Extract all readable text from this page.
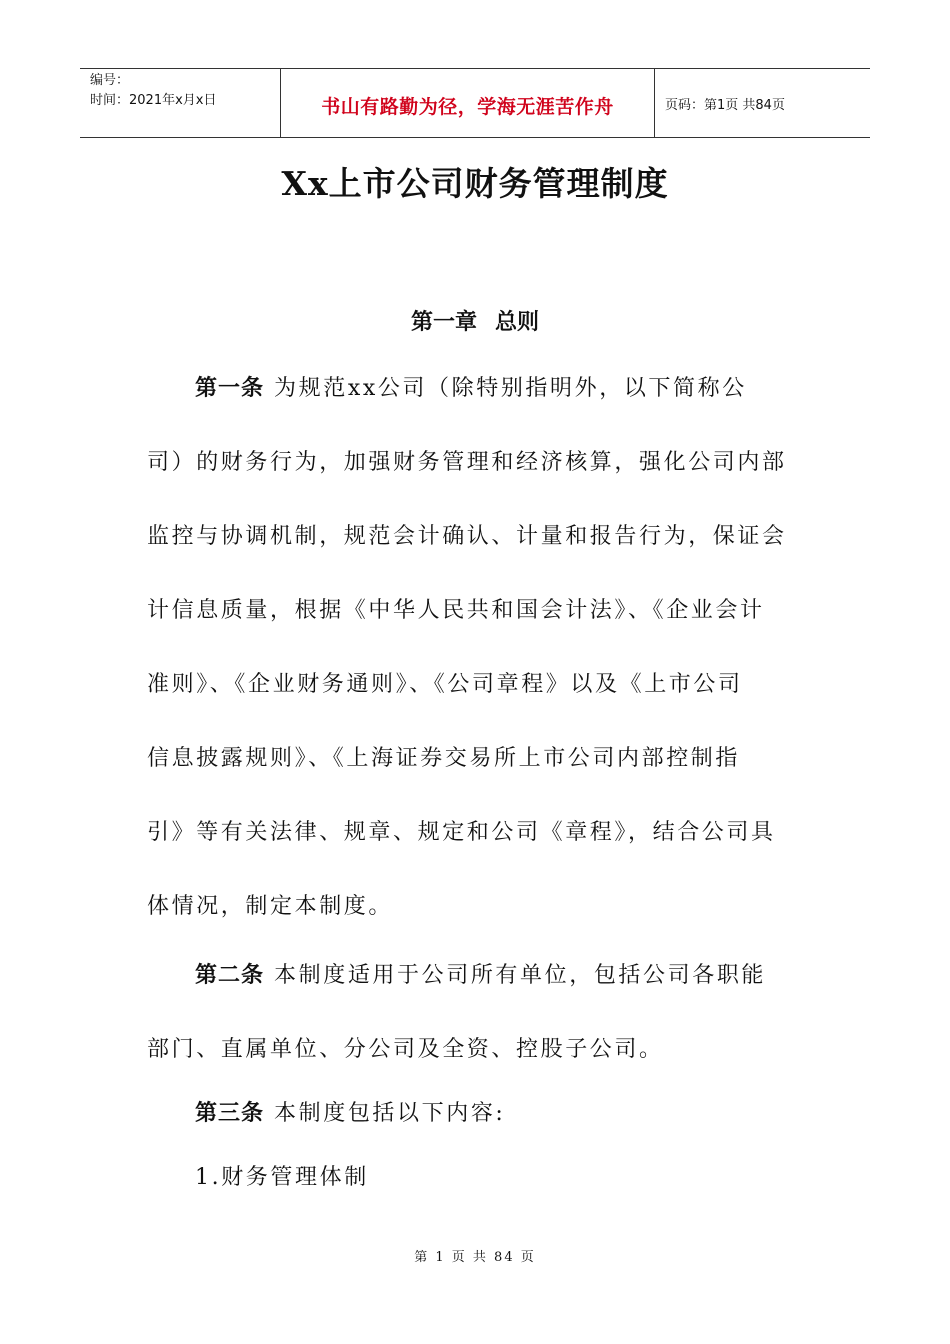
编号：
时间：2021年x月x日	书山有路勤为径，学海无涯苦作舟	页码：第1页 共84页
Xx上市公司财务管理制度
第一章 总则
第一条 为规范xx公司（除特别指明外，以下简称公
司）的财务行为，加强财务管理和经济核算，强化公司内部
监控与协调机制，规范会计确认、计量和报告行为，保证会
计信息质量，根据《中华人民共和国会计法》、《企业会计
准则》、《企业财务通则》、《公司章程》以及《上市公司
信息披露规则》、《上海证券交易所上市公司内部控制指
引》等有关法律、规章、规定和公司《章程》，结合公司具
体情况，制定本制度。
第二条 本制度适用于公司所有单位，包括公司各职能
部门、直属单位、分公司及全资、控股子公司。
第三条 本制度包括以下内容:
1.财务管理体制
第 1 页 共 84 页
